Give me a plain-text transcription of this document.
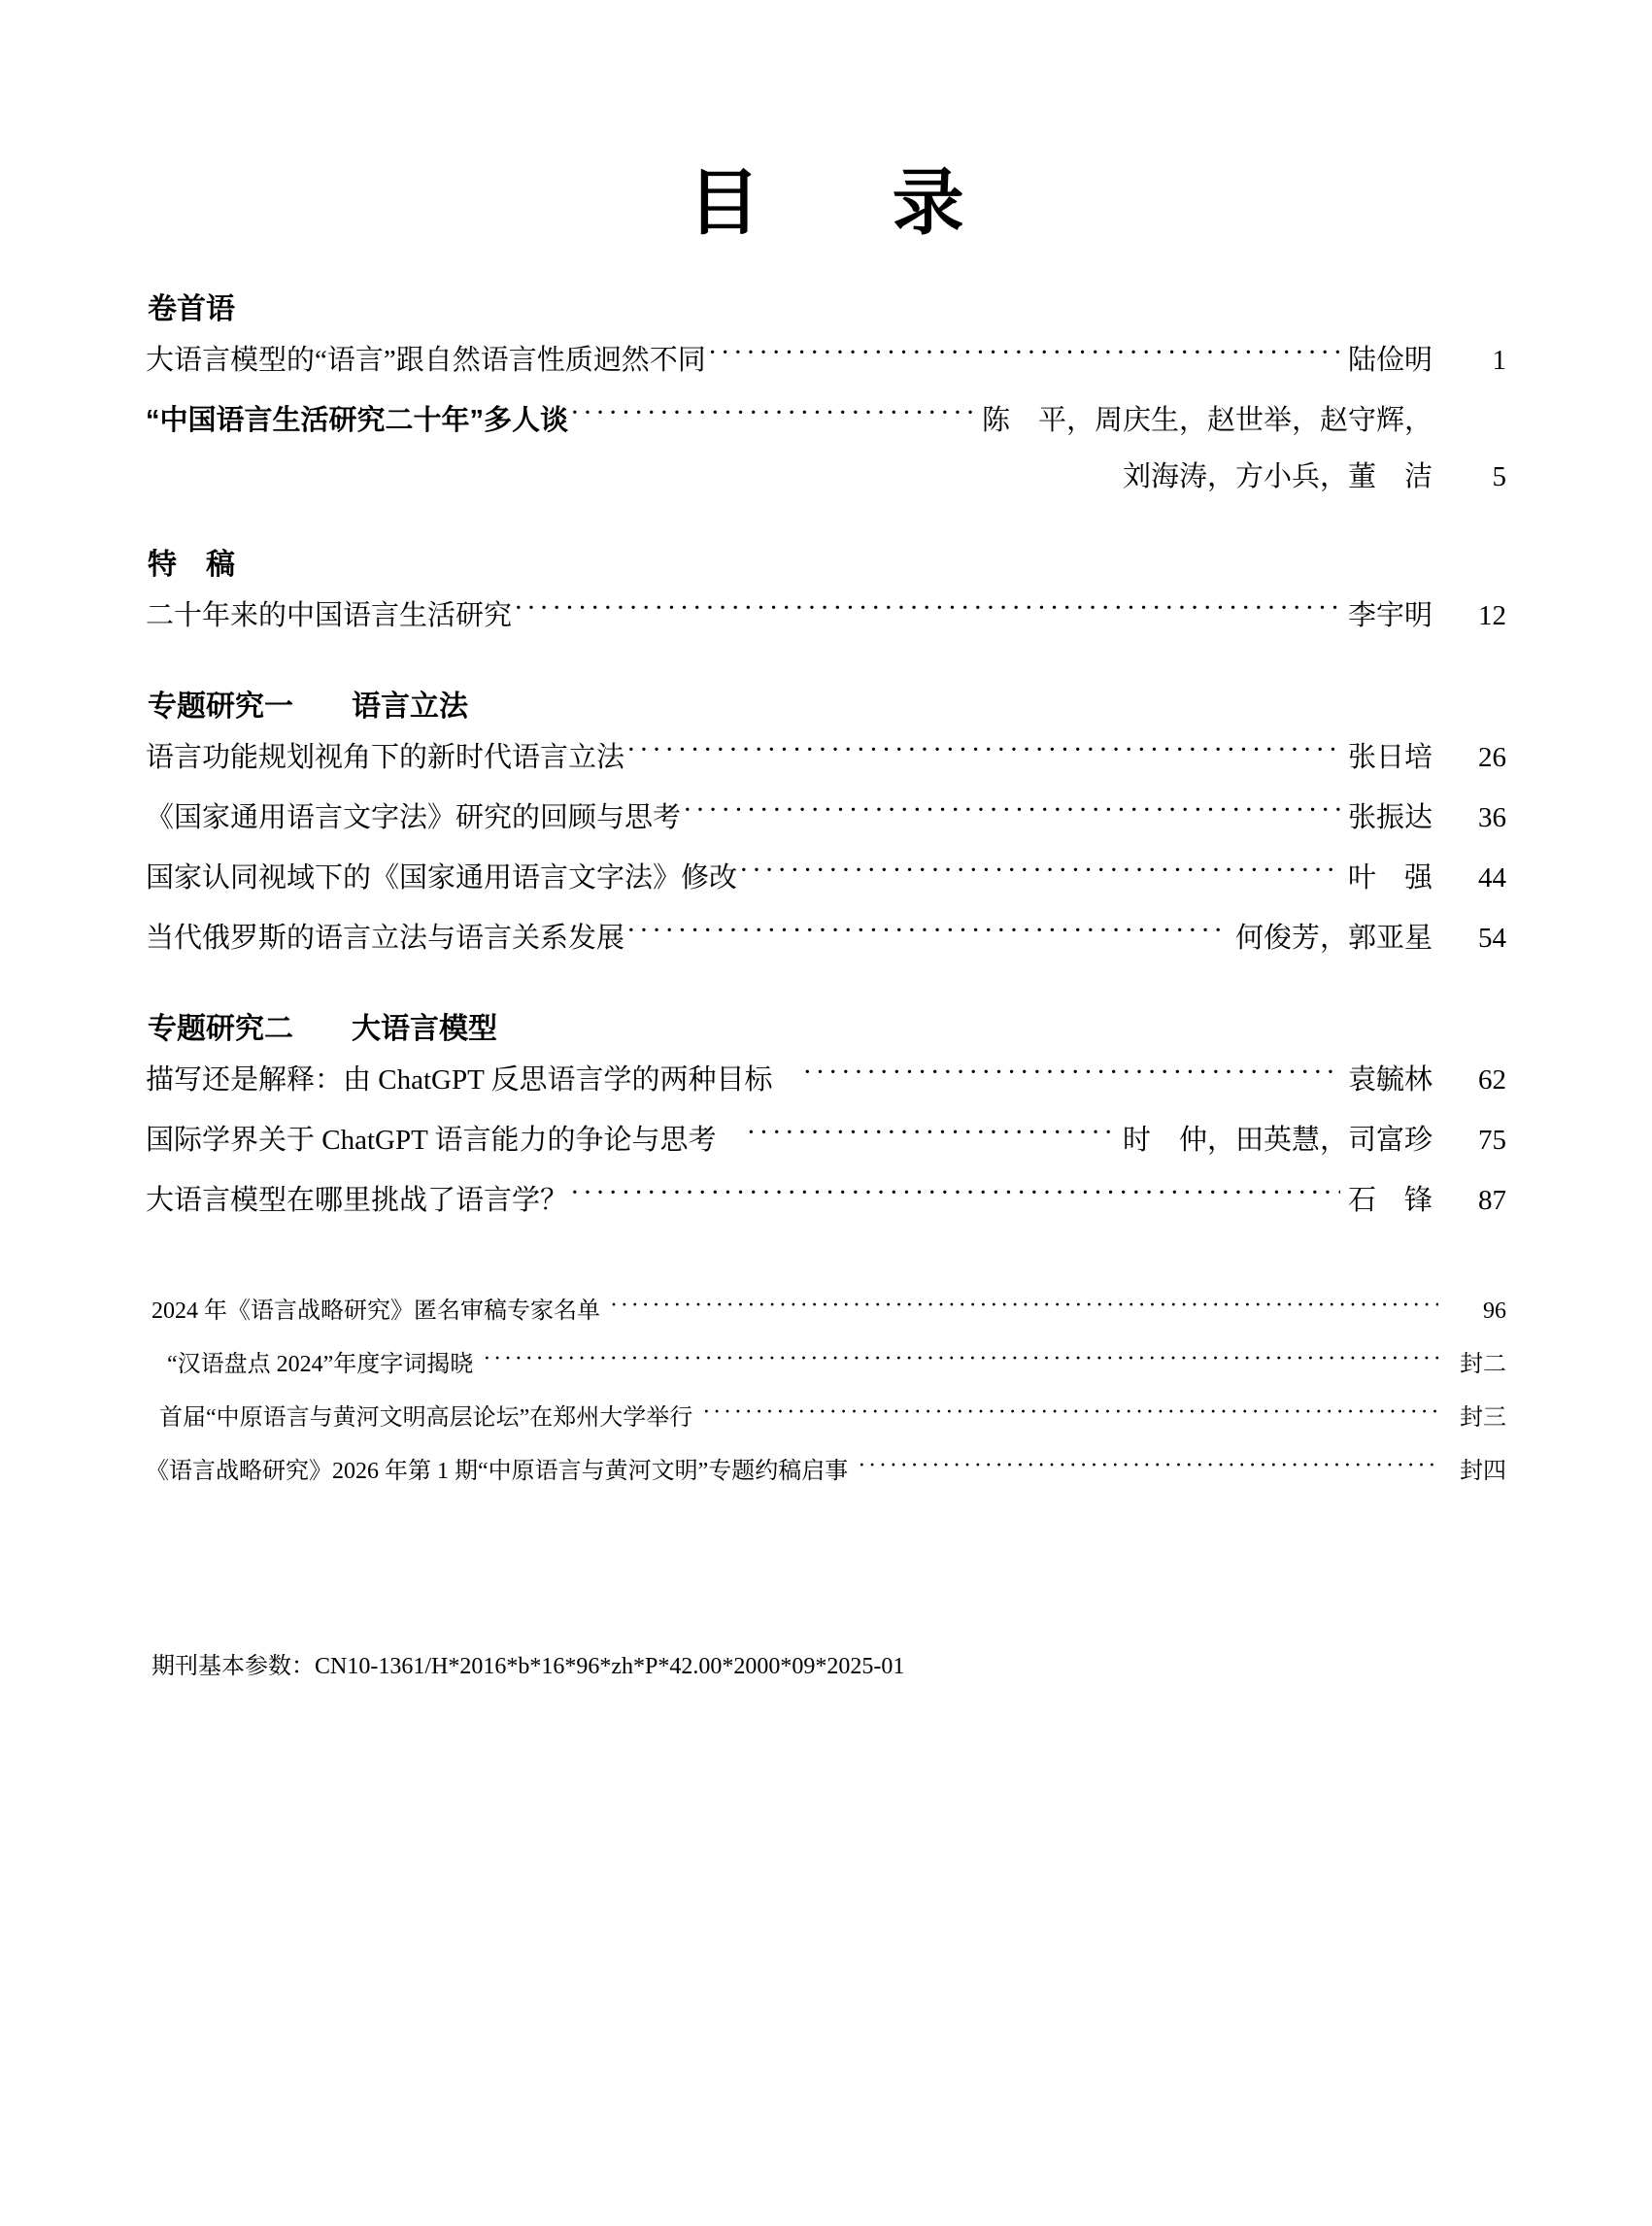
目　录
卷首语
大语言模型的“语言”跟自然语言性质迥然不同 ·····	陆俭明	1
“中国语言生活研究二十年”多人谈 ·····	陈　平，周庆生，赵世举，赵守辉，
刘海涛，方小兵，董　洁	5
特　稿
二十年来的中国语言生活研究 ·····	李宇明	12
专题研究一　　语言立法
语言功能规划视角下的新时代语言立法 ·····	张日培	26
《国家通用语言文字法》研究的回顾与思考 ·····	张振达	36
国家认同视域下的《国家通用语言文字法》修改 ·····	叶　强	44
当代俄罗斯的语言立法与语言关系发展 ·····	何俊芳，郭亚星	54
专题研究二　　大语言模型
描写还是解释：由 ChatGPT 反思语言学的两种目标　 ·····	袁毓林	62
国际学界关于 ChatGPT 语言能力的争论与思考　 ·····	时　仲，田英慧，司富珍	75
大语言模型在哪里挑战了语言学？ ·····	石　锋	87
2024 年《语言战略研究》匿名审稿专家名单 ·····	96
“汉语盘点 2024”年度字词揭晓 ·····	封二
首届“中原语言与黄河文明高层论坛”在郑州大学举行 ·····	封三
《语言战略研究》2026 年第 1 期“中原语言与黄河文明”专题约稿启事 ·····	封四
期刊基本参数：CN10-1361/H*2016*b*16*96*zh*P*42.00*2000*09*2025-01
